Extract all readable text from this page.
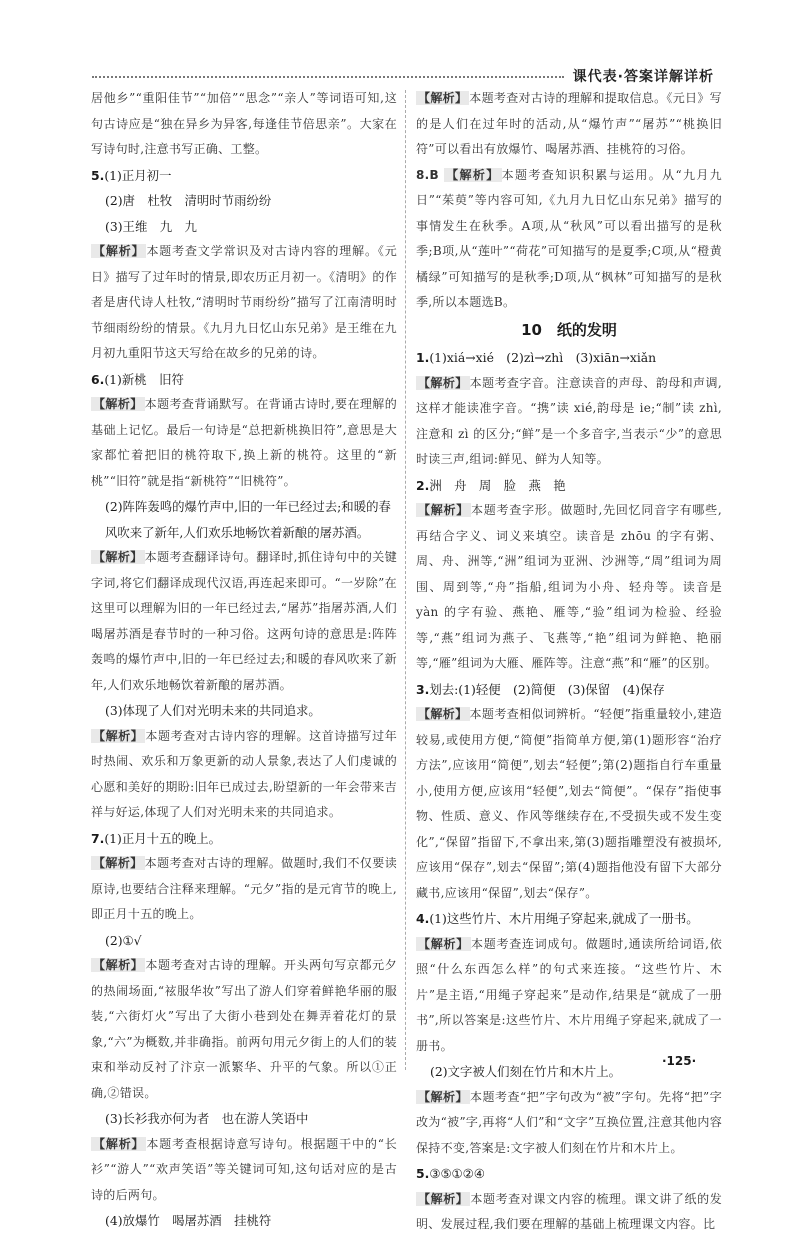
课代表·答案详解详析

居他乡”“重阳佳节”“加倍”“思念”“亲人”等词语可知,这句古诗应是“独在异乡为异客,每逢佳节倍思亲”。大家在写诗句时,注意书写正确、工整。

5.(1)正月初一

(2)唐　杜牧　清明时节雨纷纷

(3)王维　九　九

【解析】 本题考查文学常识及对古诗内容的理解。《元日》描写了过年时的情景,即农历正月初一。《清明》的作者是唐代诗人杜牧,“清明时节雨纷纷”描写了江南清明时节细雨纷纷的情景。《九月九日忆山东兄弟》是王维在九月初九重阳节这天写给在故乡的兄弟的诗。

6.(1)新桃　旧符

【解析】 本题考查背诵默写。在背诵古诗时,要在理解的基础上记忆。最后一句诗是“总把新桃换旧符”,意思是大家都忙着把旧的桃符取下,换上新的桃符。这里的“新桃”“旧符”就是指“新桃符”“旧桃符”。

(2)阵阵轰鸣的爆竹声中,旧的一年已经过去;和暖的春风吹来了新年,人们欢乐地畅饮着新酿的屠苏酒。

【解析】 本题考查翻译诗句。翻译时,抓住诗句中的关键字词,将它们翻译成现代汉语,再连起来即可。“一岁除”在这里可以理解为旧的一年已经过去,“屠苏”指屠苏酒,人们喝屠苏酒是春节时的一种习俗。这两句诗的意思是:阵阵轰鸣的爆竹声中,旧的一年已经过去;和暖的春风吹来了新年,人们欢乐地畅饮着新酿的屠苏酒。

(3)体现了人们对光明未来的共同追求。

【解析】 本题考查对古诗内容的理解。这首诗描写过年时热闹、欢乐和万象更新的动人景象,表达了人们虔诚的心愿和美好的期盼:旧年已成过去,盼望新的一年会带来吉祥与好运,体现了人们对光明未来的共同追求。

7.(1)正月十五的晚上。

【解析】 本题考查对古诗的理解。做题时,我们不仅要读原诗,也要结合注释来理解。“元夕”指的是元宵节的晚上,即正月十五的晚上。

(2)①√

【解析】 本题考查对古诗的理解。开头两句写京都元夕的热闹场面,“袨服华妆”写出了游人们穿着鲜艳华丽的服装,“六街灯火”写出了大街小巷到处在舞弄着花灯的景象,“六”为概数,并非确指。前两句用元夕街上的人们的装束和举动反衬了汴京一派繁华、升平的气象。所以①正确,②错误。

(3)长衫我亦何为者　也在游人笑语中

【解析】 本题考查根据诗意写诗句。根据题干中的“长衫”“游人”“欢声笑语”等关键词可知,这句话对应的是古诗的后两句。

(4)放爆竹　喝屠苏酒　挂桃符

【解析】 本题考查对古诗的理解和提取信息。《元日》写的是人们在过年时的活动,从“爆竹声”“屠苏”“桃换旧符”可以看出有放爆竹、喝屠苏酒、挂桃符的习俗。

8.B 【解析】 本题考查知识积累与运用。从“九月九日”“茱萸”等内容可知,《九月九日忆山东兄弟》描写的事情发生在秋季。A项,从“秋风”可以看出描写的是秋季;B项,从“莲叶”“荷花”可知描写的是夏季;C项,从“橙黄橘绿”可知描写的是秋季;D项,从“枫林”可知描写的是秋季,所以本题选B。

10　纸的发明

1.(1)xiá→xié　(2)zì→zhì　(3)xiān→xiǎn

【解析】 本题考查字音。注意读音的声母、韵母和声调,这样才能读准字音。“携”读 xié,韵母是 ie;“制”读 zhì,注意和 zì 的区分;“鲜”是一个多音字,当表示“少”的意思时读三声,组词:鲜见、鲜为人知等。

2.洲　舟　周　脸　燕　艳

【解析】 本题考查字形。做题时,先回忆同音字有哪些,再结合字义、词义来填空。读音是 zhōu 的字有粥、周、舟、洲等,“洲”组词为亚洲、沙洲等,“周”组词为周围、周到等,“舟”指船,组词为小舟、轻舟等。读音是 yàn 的字有验、燕艳、雁等,“验”组词为检验、经验等,“燕”组词为燕子、飞燕等,“艳”组词为鲜艳、艳丽等,“雁”组词为大雁、雁阵等。注意“燕”和“雁”的区别。

3.划去:(1)轻便　(2)简便　(3)保留　(4)保存

【解析】 本题考查相似词辨析。“轻便”指重量较小,建造较易,或使用方便,“简便”指简单方便,第(1)题形容“治疗方法”,应该用“简便”,划去“轻便”;第(2)题指自行车重量小,使用方便,应该用“轻便”,划去“简便”。“保存”指使事物、性质、意义、作风等继续存在,不受损失或不发生变化”,“保留”指留下,不拿出来,第(3)题指雕塑没有被损坏,应该用“保存”,划去“保留”;第(4)题指他没有留下大部分藏书,应该用“保留”,划去“保存”。

4.(1)这些竹片、木片用绳子穿起来,就成了一册书。

【解析】 本题考查连词成句。做题时,通读所给词语,依照“什么东西怎么样”的句式来连接。“这些竹片、木片”是主语,“用绳子穿起来”是动作,结果是“就成了一册书”,所以答案是:这些竹片、木片用绳子穿起来,就成了一册书。

(2)文字被人们刻在竹片和木片上。

【解析】 本题考查“把”字句改为“被”字句。先将“把”字改为“被”字,再将“人们”和“文字”互换位置,注意其他内容保持不变,答案是:文字被人们刻在竹片和木片上。

5.③⑤①②④

【解析】 本题考查对课文内容的梳理。课文讲了纸的发明、发展过程,我们要在理解的基础上梳理课文内容。比

·125·
